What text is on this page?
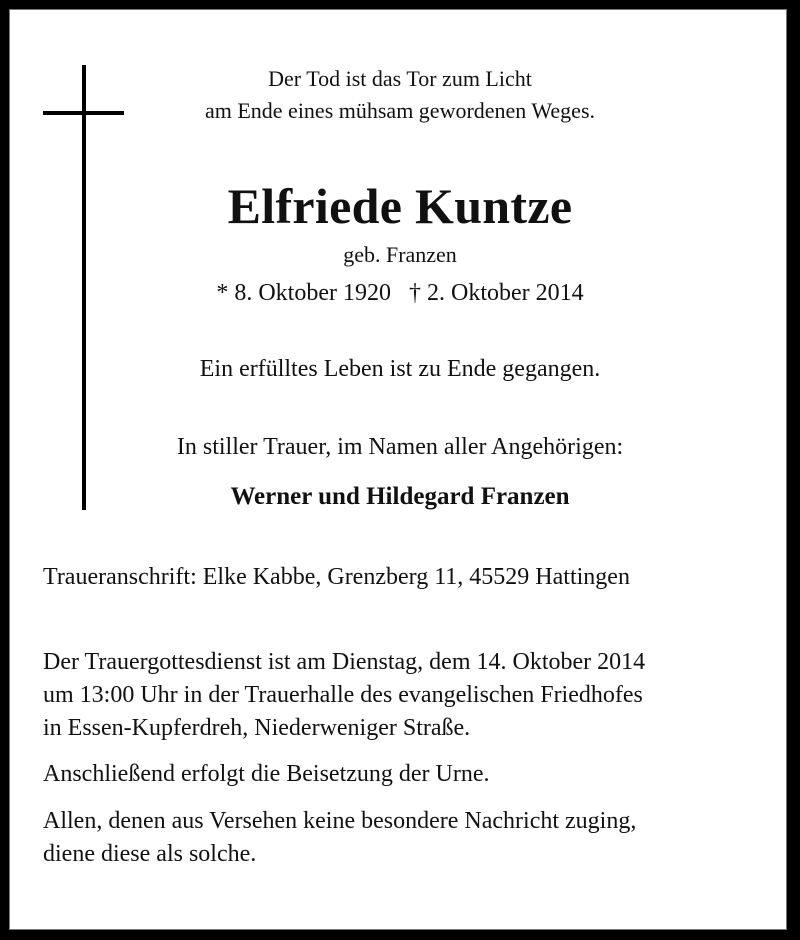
Der Tod ist das Tor zum Licht
am Ende eines mühsam gewordenen Weges.
Elfriede Kuntze
geb. Franzen
* 8. Oktober 1920   † 2. Oktober 2014
Ein erfülltes Leben ist zu Ende gegangen.
In stiller Trauer, im Namen aller Angehörigen:
Werner und Hildegard Franzen
Traueranschrift: Elke Kabbe, Grenzberg 11, 45529 Hattingen
Der Trauergottesdienst ist am Dienstag, dem 14. Oktober 2014
um 13:00 Uhr in der Trauerhalle des evangelischen Friedhofes
in Essen-Kupferdreh, Niederweniger Straße.
Anschließend erfolgt die Beisetzung der Urne.
Allen, denen aus Versehen keine besondere Nachricht zuging,
diene diese als solche.
